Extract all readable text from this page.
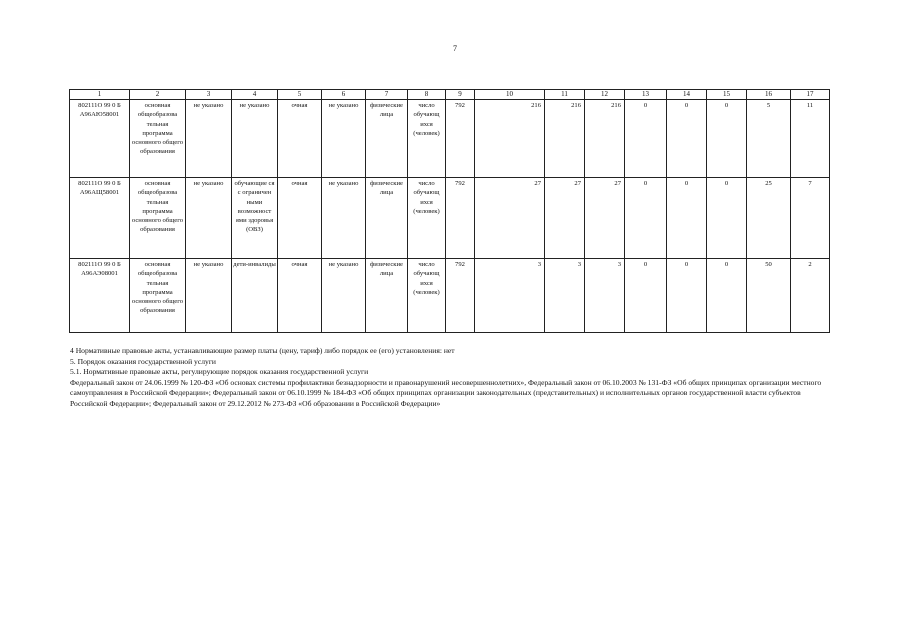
7
1	2	3	4	5	6	7	8	9	10	11	12	13	14	15	16	17
802111О 99 0 Б А96АЮ58001	основная общеобразова тельная программа основного общего образования	не указано	не указано	очная	не указано	физические лица	число обучающ ихся (человек)	792	216	216	216	0	0	0	5	11
802111О 99 0 Б А96АЩ58001	основная общеобразова тельная программа основного общего образования	не указано	обучающие ся с ограничен ными возможност ями здоровья (ОВЗ)	очная	не указано	физические лица	число обучающ ихся (человек)	792	27	27	27	0	0	0	25	7
802111О 99 0 Б А96АЭ08001	основная общеобразова тельная программа основного общего образования	не указано	дети-инвалиды	очная	не указано	физические лица	число обучающ ихся (человек)	792	3	3	3	0	0	0	50	2

4 Нормативные правовые акты, устанавливающие размер платы (цену, тариф) либо порядок ее (его) установления: нет

5. Порядок оказания государственной услуги

5.1. Нормативные правовые акты, регулирующие порядок оказания государственной услуги

Федеральный закон от 24.06.1999 № 120-ФЗ «Об основах системы профилактики безнадзорности и правонарушений несовершеннолетних», Федеральный закон от 06.10.2003 № 131-ФЗ «Об общих принципах организации местного самоуправления в Российской Федерации»; Федеральный закон от 06.10.1999 № 184-ФЗ «Об общих принципах организации законодательных (представительных) и исполнительных органов государственной власти субъектов Российской Федерации»; Федеральный закон от 29.12.2012 № 273-ФЗ «Об образовании в Российской Федерации»
